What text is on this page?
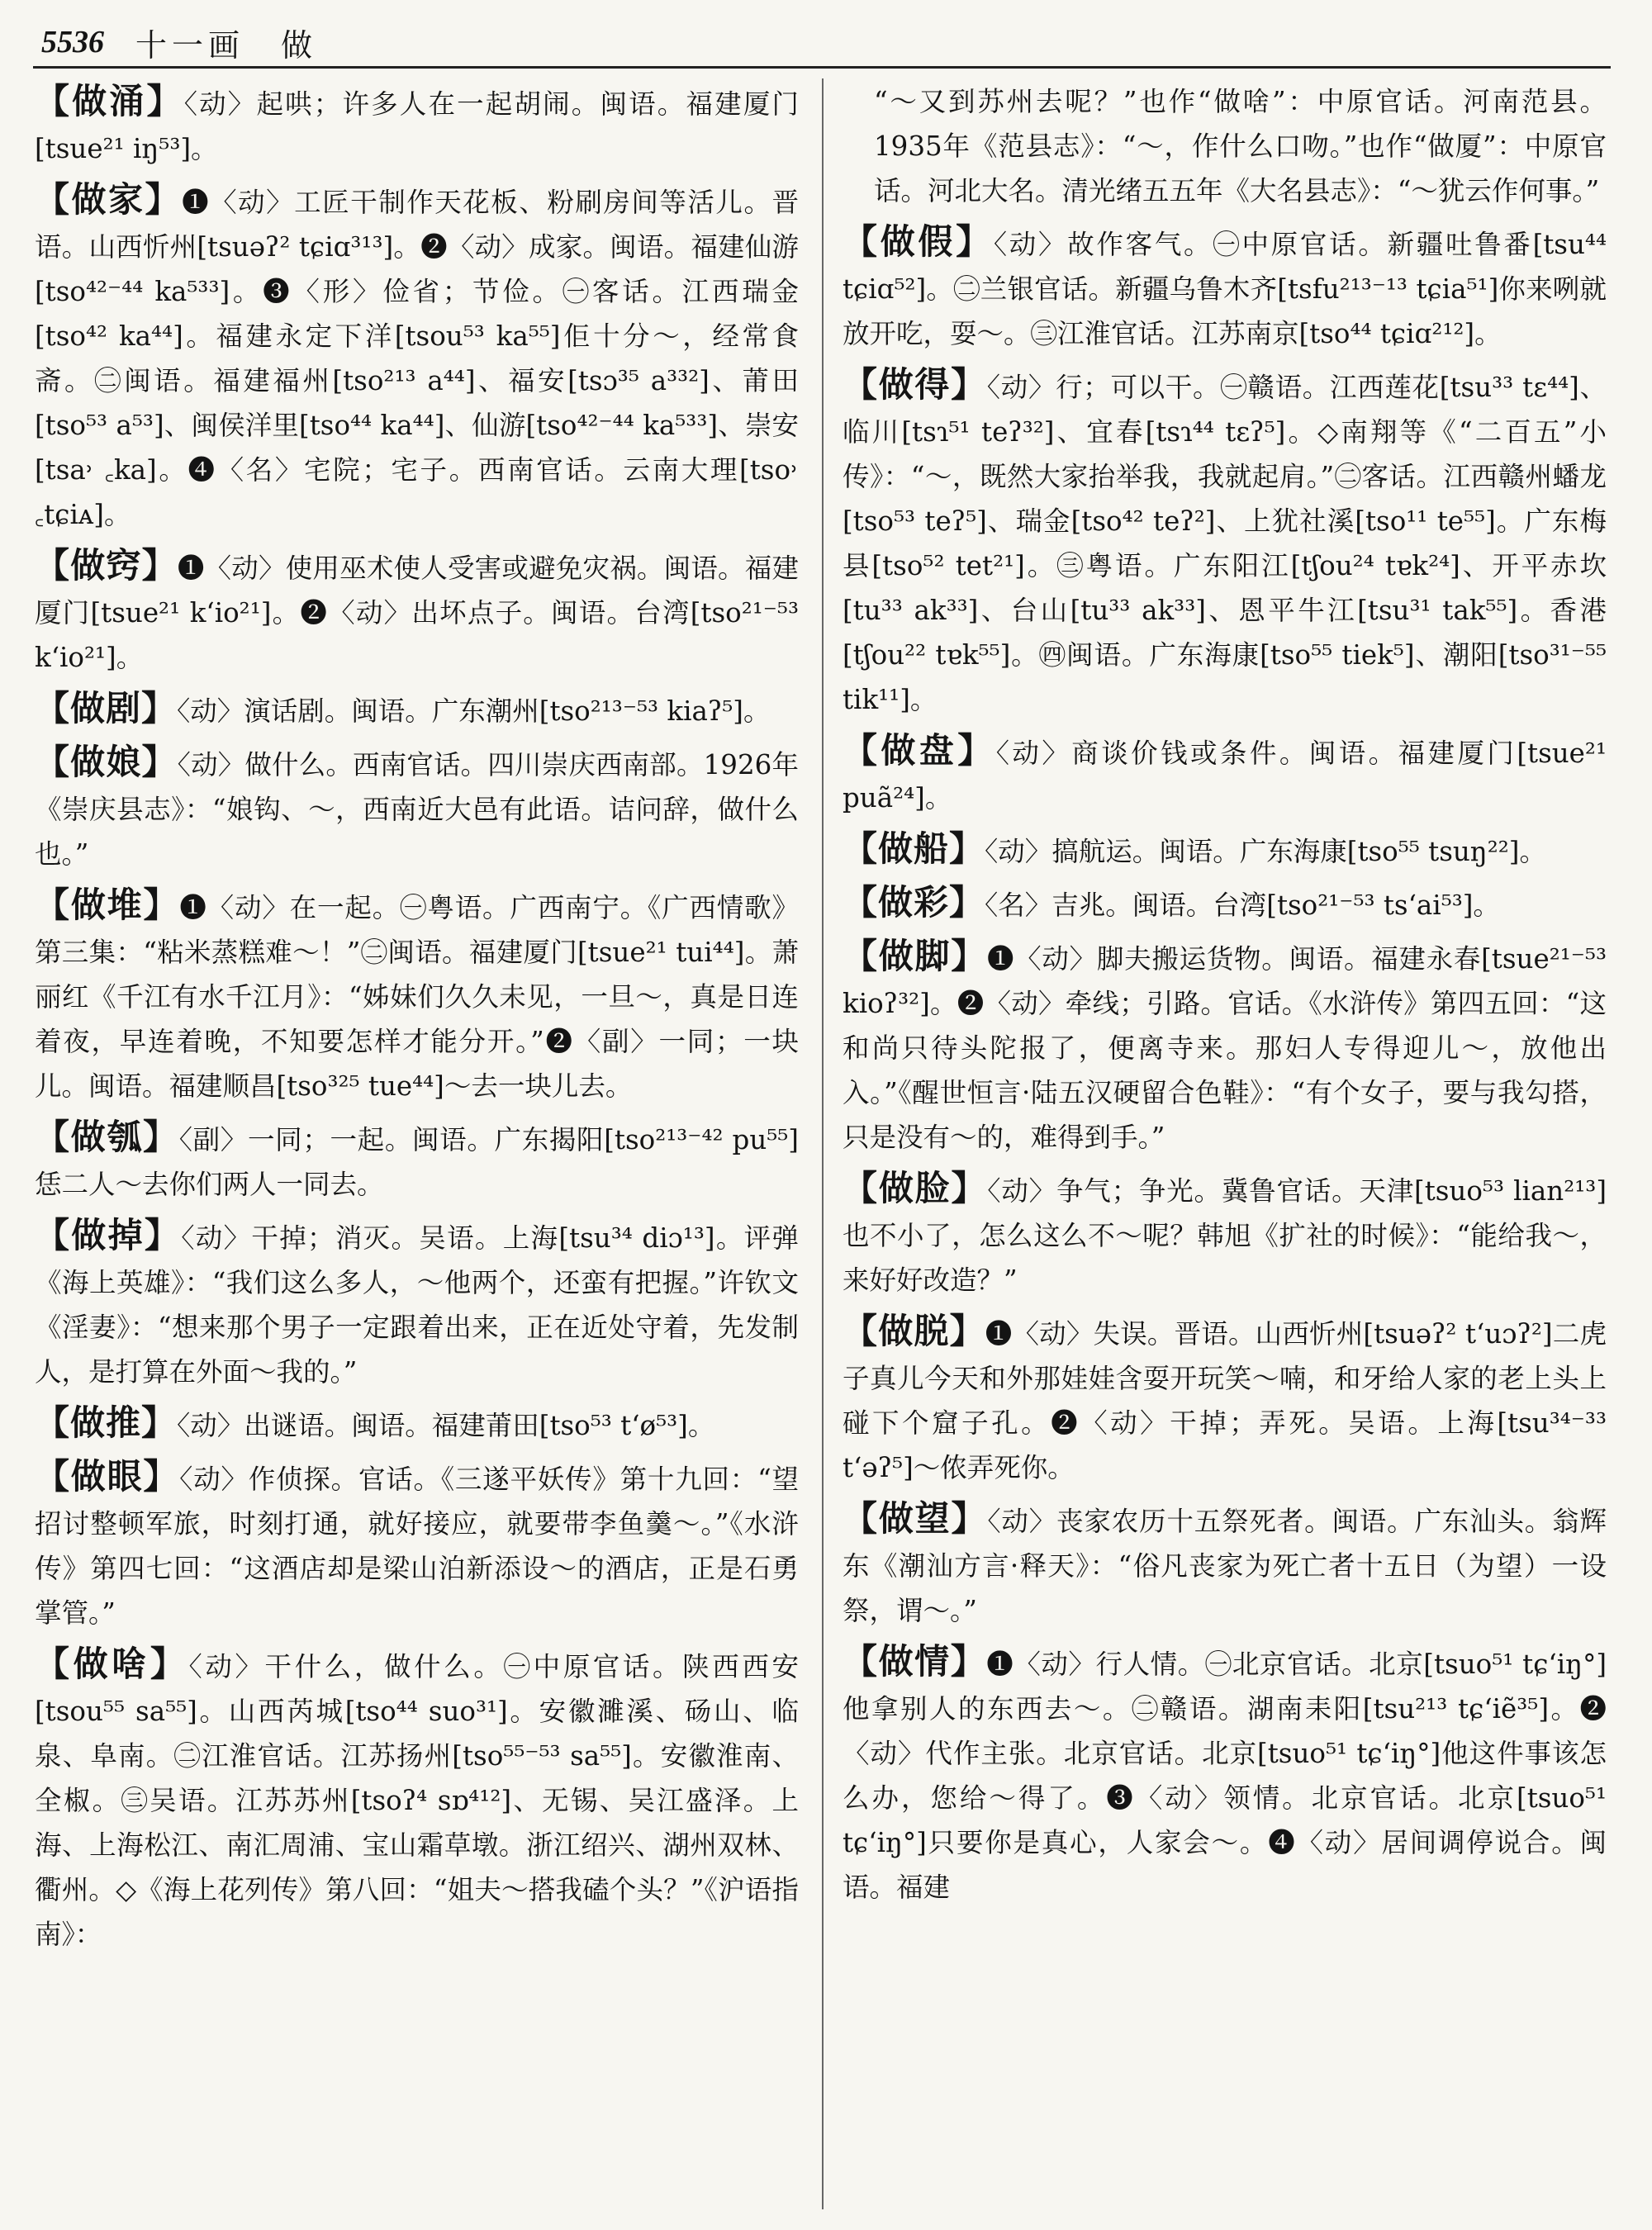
5536 十一画　做

【做涌】〈动〉起哄；许多人在一起胡闹。闽语。福建厦门[tsue²¹ iŋ⁵³]。

【做家】❶〈动〉工匠干制作天花板、粉刷房间等活儿。晋语。山西忻州[tsuəʔ² tɕiɑ³¹³]。❷〈动〉成家。闽语。福建仙游[tso⁴²⁻⁴⁴ ka⁵³³]。❸〈形〉俭省；节俭。㊀客话。江西瑞金[tso⁴² ka⁴⁴]。福建永定下洋[tsou⁵³ ka⁵⁵]佢十分～，经常食斋。㊁闽语。福建福州[tso²¹³ a⁴⁴]、福安[tsɔ³⁵ a³³²]、莆田[tso⁵³ a⁵³]、闽侯洋里[tso⁴⁴ ka⁴⁴]、仙游[tso⁴²⁻⁴⁴ ka⁵³³]、崇安[tsa˒ ꜀ka]。❹〈名〉宅院；宅子。西南官话。云南大理[tso˒ ꜀tɕiᴀ]。

【做窍】❶〈动〉使用巫术使人受害或避免灾祸。闽语。福建厦门[tsue²¹ kʻio²¹]。❷〈动〉出坏点子。闽语。台湾[tso²¹⁻⁵³ kʻio²¹]。

【做剧】〈动〉演话剧。闽语。广东潮州[tso²¹³⁻⁵³ kiaʔ⁵]。

【做娘】〈动〉做什么。西南官话。四川崇庆西南部。1926年《崇庆县志》：“娘钩、～，西南近大邑有此语。诘问辞，做什么也。”

【做堆】❶〈动〉在一起。㊀粤语。广西南宁。《广西情歌》第三集：“粘米蒸糕难～！”㊁闽语。福建厦门[tsue²¹ tui⁴⁴]。萧丽红《千江有水千江月》：“姊妹们久久未见，一旦～，真是日连着夜，早连着晚，不知要怎样才能分开。”❷〈副〉一同；一块儿。闽语。福建顺昌[tso³²⁵ tue⁴⁴]～去一块儿去。

【做瓠】〈副〉一同；一起。闽语。广东揭阳[tso²¹³⁻⁴² pu⁵⁵]恁二人～去你们两人一同去。

【做掉】〈动〉干掉；消灭。吴语。上海[tsu³⁴ diɔ¹³]。评弹《海上英雄》：“我们这么多人，～他两个，还蛮有把握。”许钦文《淫妻》：“想来那个男子一定跟着出来，正在近处守着，先发制人，是打算在外面～我的。”

【做推】〈动〉出谜语。闽语。福建莆田[tso⁵³ tʻø⁵³]。

【做眼】〈动〉作侦探。官话。《三遂平妖传》第十九回：“望招讨整顿军旅，时刻打通，就好接应，就要带李鱼羹～。”《水浒传》第四七回：“这酒店却是梁山泊新添设～的酒店，正是石勇掌管。”

【做啥】〈动〉干什么，做什么。㊀中原官话。陕西西安[tsou⁵⁵ sa⁵⁵]。山西芮城[tso⁴⁴ suo³¹]。安徽濉溪、砀山、临泉、阜南。㊁江淮官话。江苏扬州[tso⁵⁵⁻⁵³ sa⁵⁵]。安徽淮南、全椒。㊂吴语。江苏苏州[tsoʔ⁴ sɒ⁴¹²]、无锡、吴江盛泽。上海、上海松江、南汇周浦、宝山霜草墩。浙江绍兴、湖州双林、衢州。◇《海上花列传》第八回：“姐夫～搭我磕个头？”《沪语指南》：

“～又到苏州去呢？”也作“做啥”：中原官话。河南范县。1935年《范县志》：“～，作什么口吻。”也作“做厦”：中原官话。河北大名。清光绪五五年《大名县志》：“～犹云作何事。”

【做假】〈动〉故作客气。㊀中原官话。新疆吐鲁番[tsu⁴⁴ tɕiɑ⁵²]。㊁兰银官话。新疆乌鲁木齐[tsfu²¹³⁻¹³ tɕia⁵¹]你来咧就放开吃，耍～。㊂江淮官话。江苏南京[tso⁴⁴ tɕiɑ²¹²]。

【做得】〈动〉行；可以干。㊀赣语。江西莲花[tsu³³ tɛ⁴⁴]、临川[tsɿ⁵¹ teʔ³²]、宜春[tsɿ⁴⁴ tɛʔ⁵]。◇南翔等《“二百五”小传》：“～，既然大家抬举我，我就起肩。”㊁客话。江西赣州蟠龙[tso⁵³ teʔ⁵]、瑞金[tso⁴² teʔ²]、上犹社溪[tso¹¹ te⁵⁵]。广东梅县[tso⁵² tet²¹]。㊂粤语。广东阳江[tʃou²⁴ tɐk²⁴]、开平赤坎[tu³³ ak³³]、台山[tu³³ ak³³]、恩平牛江[tsu³¹ tak⁵⁵]。香港[tʃou²² tɐk⁵⁵]。㊃闽语。广东海康[tso⁵⁵ tiek⁵]、潮阳[tso³¹⁻⁵⁵ tik¹¹]。

【做盘】〈动〉商谈价钱或条件。闽语。福建厦门[tsue²¹ puã²⁴]。

【做船】〈动〉搞航运。闽语。广东海康[tso⁵⁵ tsuŋ²²]。

【做彩】〈名〉吉兆。闽语。台湾[tso²¹⁻⁵³ tsʻai⁵³]。

【做脚】❶〈动〉脚夫搬运货物。闽语。福建永春[tsue²¹⁻⁵³ kioʔ³²]。❷〈动〉牵线；引路。官话。《水浒传》第四五回：“这和尚只待头陀报了，便离寺来。那妇人专得迎儿～，放他出入。”《醒世恒言·陆五汉硬留合色鞋》：“有个女子，要与我勾搭，只是没有～的，难得到手。”

【做脸】〈动〉争气；争光。冀鲁官话。天津[tsuo⁵³ lian²¹³]也不小了，怎么这么不～呢？韩旭《扩社的时候》：“能给我～，来好好改造？”

【做脱】❶〈动〉失误。晋语。山西忻州[tsuəʔ² tʻuɔʔ²]二虎子真儿今天和外那娃娃含耍开玩笑～喃，和牙给人家的老上头上碰下个窟子孔。❷〈动〉干掉；弄死。吴语。上海[tsu³⁴⁻³³ tʻəʔ⁵]～侬弄死你。

【做望】〈动〉丧家农历十五祭死者。闽语。广东汕头。翁辉东《潮汕方言·释天》：“俗凡丧家为死亡者十五日（为望）一设祭，谓～。”

【做情】❶〈动〉行人情。㊀北京官话。北京[tsuo⁵¹ tɕʻiŋ°]他拿别人的东西去～。㊁赣语。湖南耒阳[tsu²¹³ tɕʻiẽ³⁵]。❷〈动〉代作主张。北京官话。北京[tsuo⁵¹ tɕʻiŋ°]他这件事该怎么办，您给～得了。❸〈动〉领情。北京官话。北京[tsuo⁵¹ tɕʻiŋ°]只要你是真心，人家会～。❹〈动〉居间调停说合。闽语。福建
